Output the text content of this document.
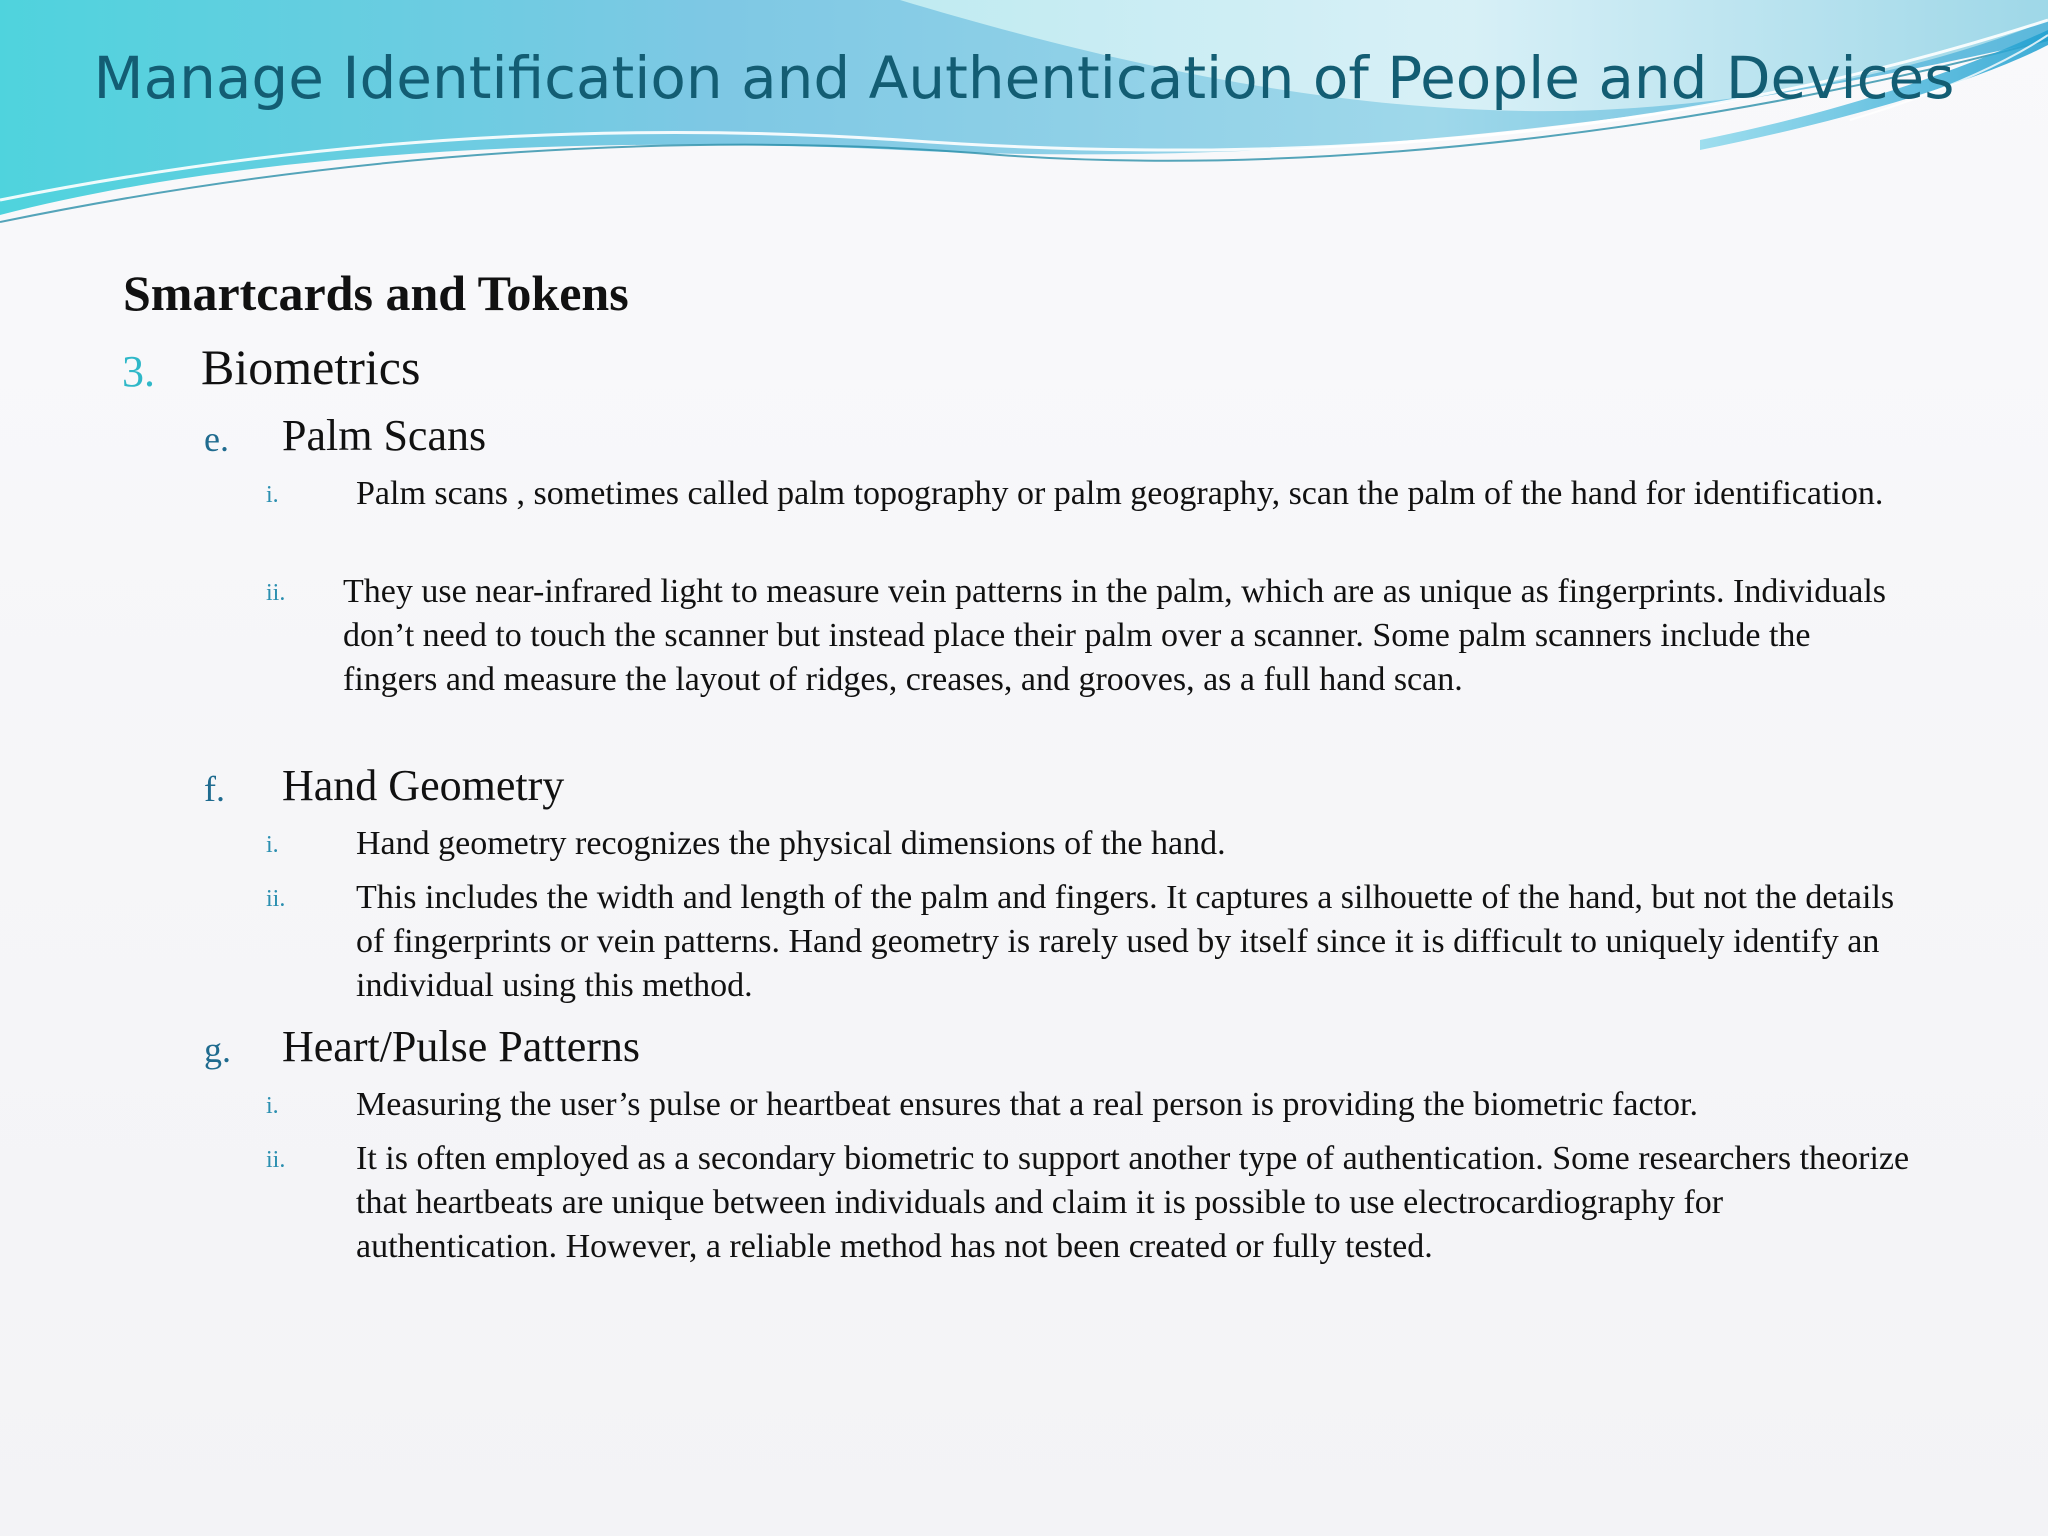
Manage Identification and Authentication of People and Devices
Smartcards and Tokens
3. Biometrics
e. Palm Scans
i. Palm scans , sometimes called palm topography or palm geography, scan the palm of the hand for identification.
ii. They use near-infrared light to measure vein patterns in the palm, which are as unique as fingerprints. Individuals don’t need to touch the scanner but instead place their palm over a scanner. Some palm scanners include the fingers and measure the layout of ridges, creases, and grooves, as a full hand scan.
f. Hand Geometry
i. Hand geometry recognizes the physical dimensions of the hand.
ii. This includes the width and length of the palm and fingers. It captures a silhouette of the hand, but not the details of fingerprints or vein patterns. Hand geometry is rarely used by itself since it is difficult to uniquely identify an individual using this method.
g. Heart/Pulse Patterns
i. Measuring the user’s pulse or heartbeat ensures that a real person is providing the biometric factor.
ii. It is often employed as a secondary biometric to support another type of authentication. Some researchers theorize that heartbeats are unique between individuals and claim it is possible to use electrocardiography for authentication. However, a reliable method has not been created or fully tested.
